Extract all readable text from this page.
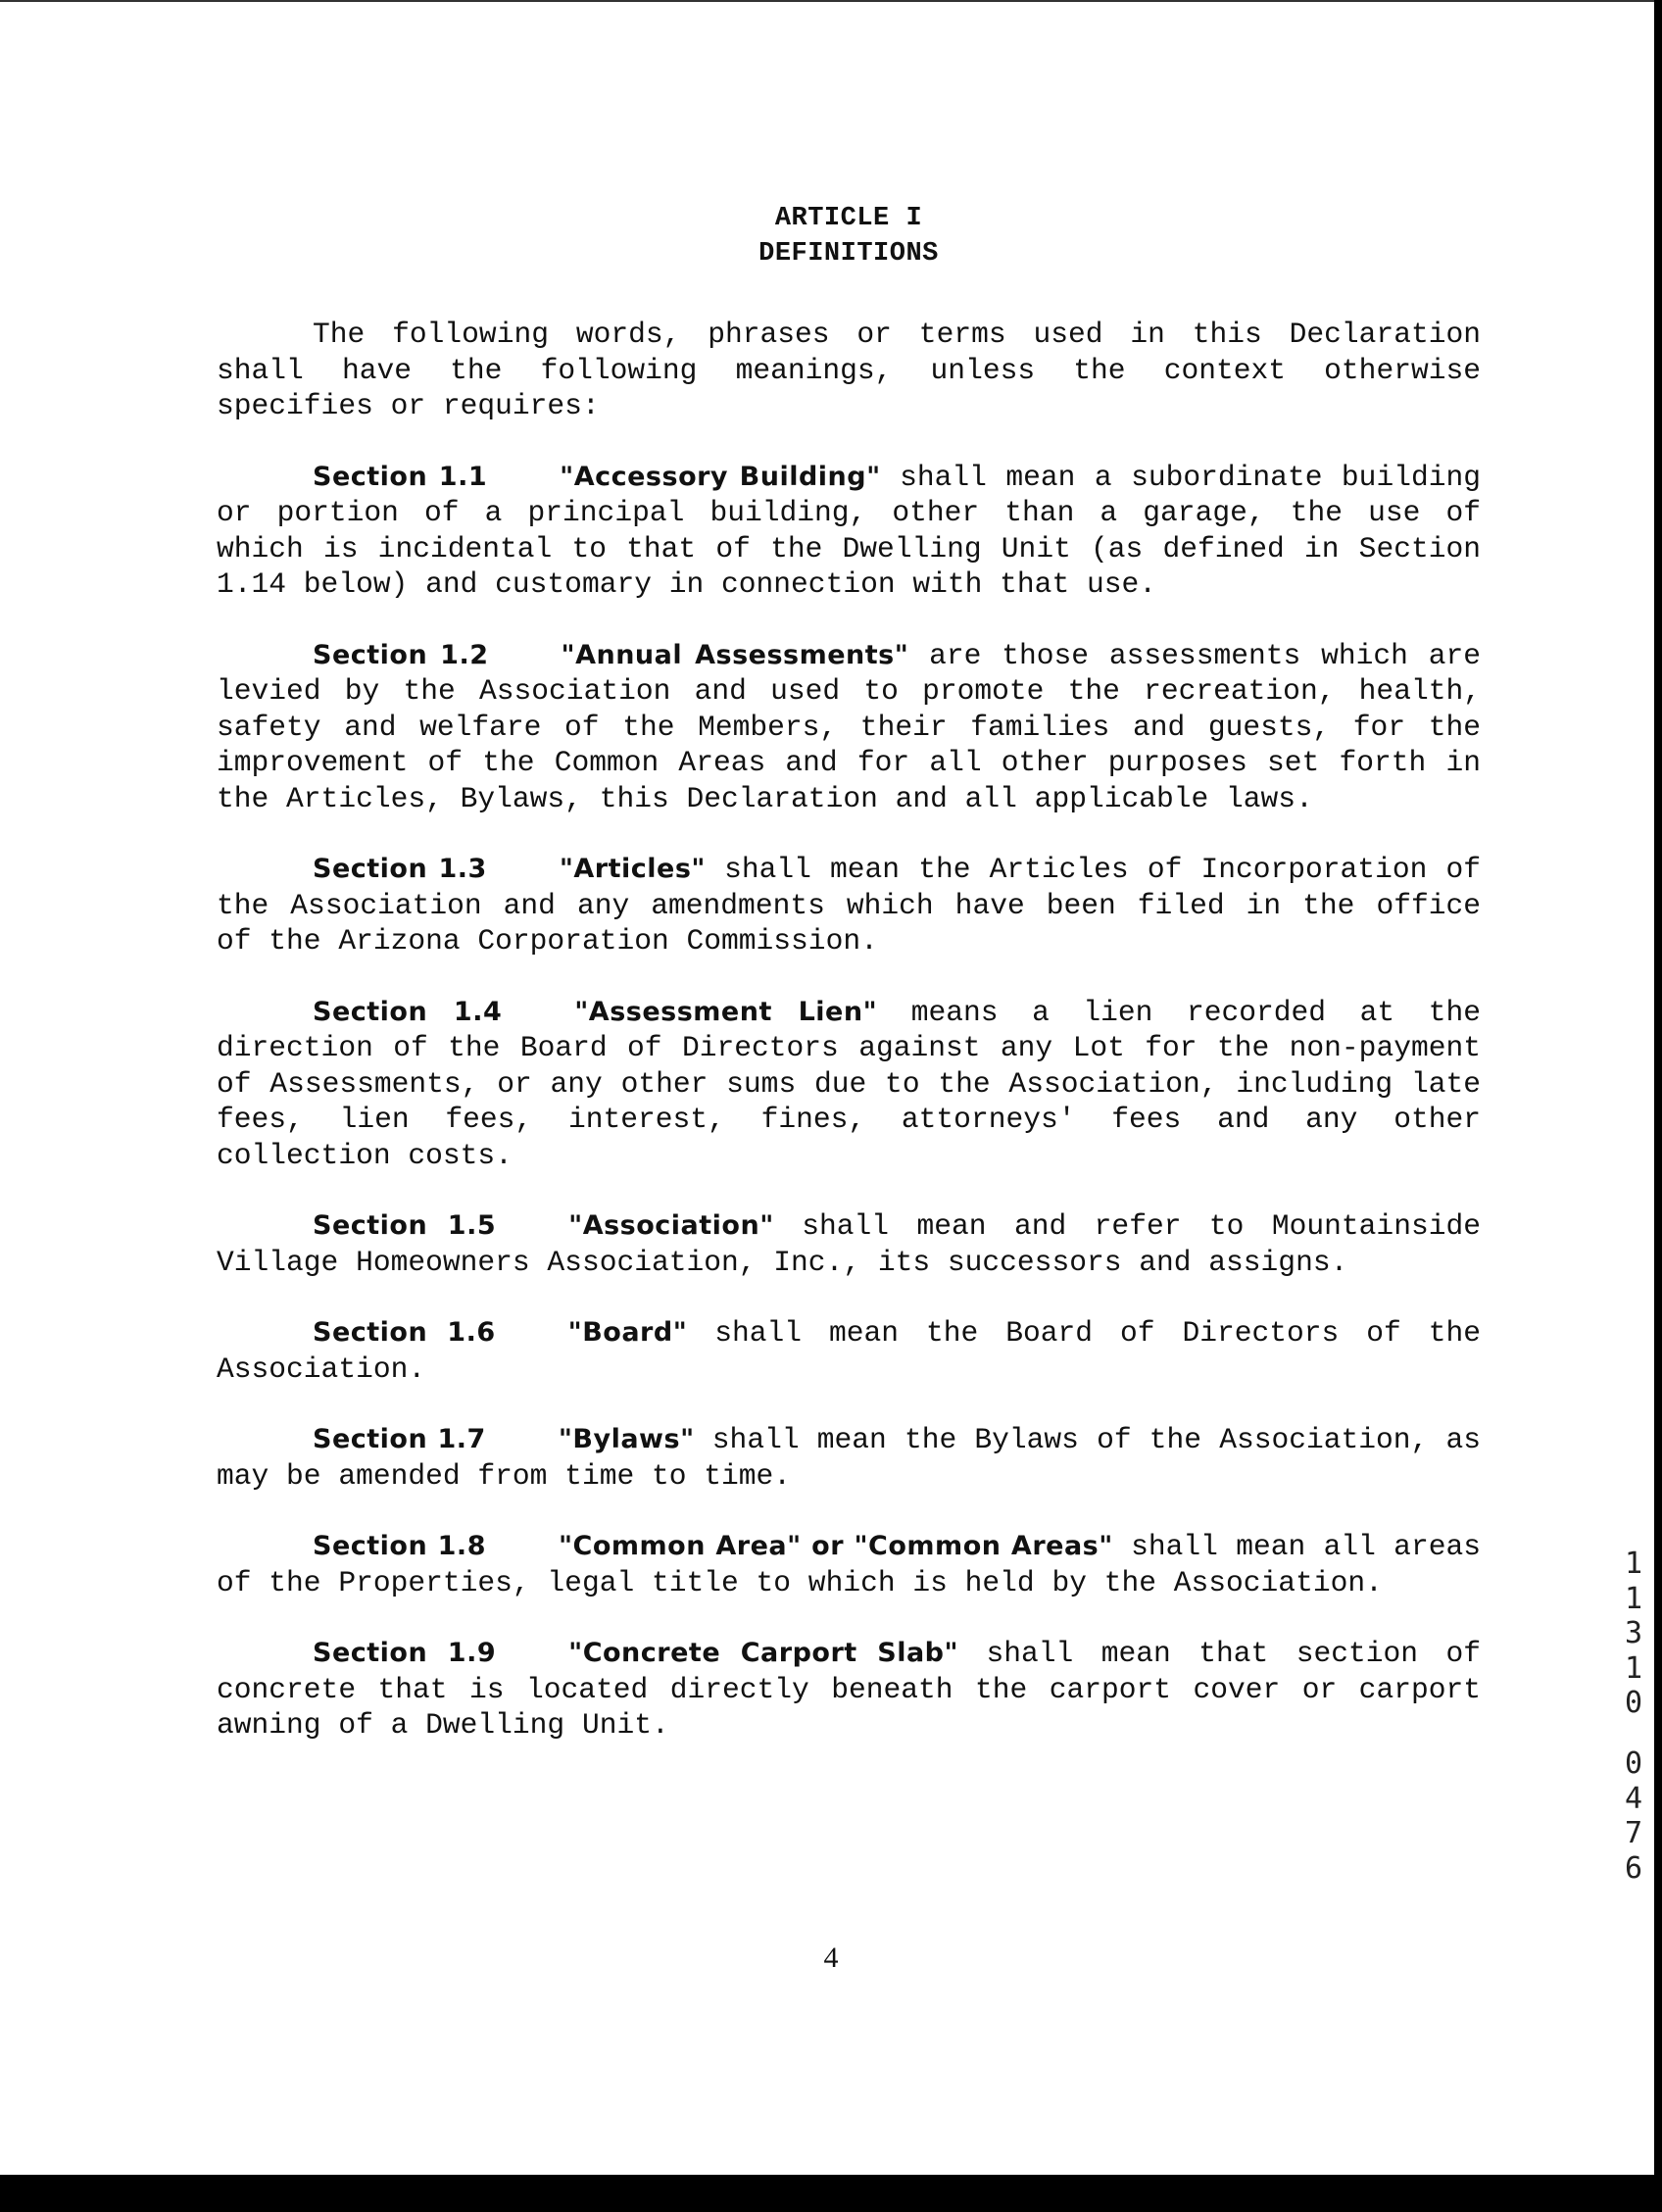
ARTICLE I
DEFINITIONS

The following words, phrases or terms used in this Declaration shall have the following meanings, unless the context otherwise specifies or requires:

Section 1.1	"Accessory Building" shall mean a subordinate building or portion of a principal building, other than a garage, the use of which is incidental to that of the Dwelling Unit (as defined in Section 1.14 below) and customary in connection with that use.

Section 1.2	"Annual Assessments" are those assessments which are levied by the Association and used to promote the recreation, health, safety and welfare of the Members, their families and guests, for the improvement of the Common Areas and for all other purposes set forth in the Articles, Bylaws, this Declaration and all applicable laws.

Section 1.3	"Articles" shall mean the Articles of Incorporation of the Association and any amendments which have been filed in the office of the Arizona Corporation Commission.

Section 1.4	"Assessment Lien" means a lien recorded at the direction of the Board of Directors against any Lot for the non-payment of Assessments, or any other sums due to the Association, including late fees, lien fees, interest, fines, attorneys' fees and any other collection costs.

Section 1.5	"Association" shall mean and refer to Mountainside Village Homeowners Association, Inc., its successors and assigns.

Section 1.6	"Board" shall mean the Board of Directors of the Association.

Section 1.7	"Bylaws" shall mean the Bylaws of the Association, as may be amended from time to time.

Section 1.8	"Common Area" or "Common Areas" shall mean all areas of the Properties, legal title to which is held by the Association.

Section 1.9	"Concrete Carport Slab" shall mean that section of concrete that is located directly beneath the carport cover or carport awning of a Dwelling Unit.

4
1
1
3
1
0
0
4
7
6
